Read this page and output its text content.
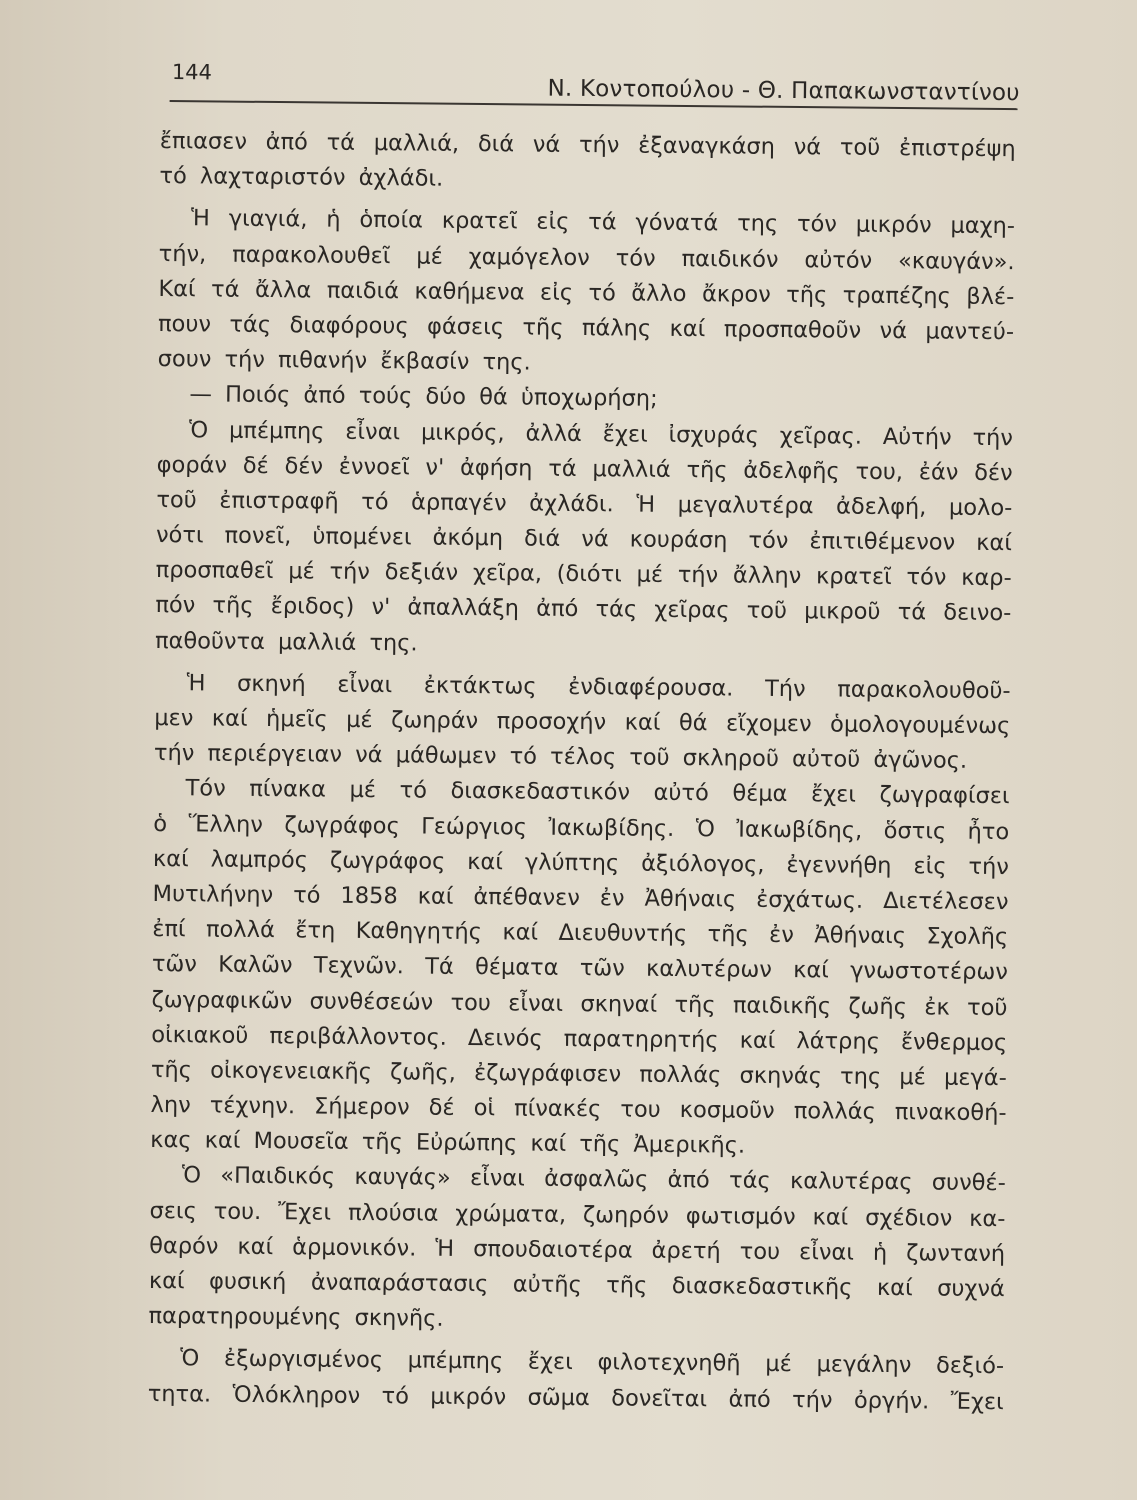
144
Ν. Κοντοπούλου - Θ. Παπακωνσταντίνου
ἔπιασεν ἀπό τά μαλλιά, διά νά τήν ἐξαναγκάση νά τοῦ ἐπιστρέψη
τό λαχταριστόν ἀχλάδι.
Ἡ γιαγιά, ἡ ὁποία κρατεῖ εἰς τά γόνατά της τόν μικρόν μαχη-
τήν, παρακολουθεῖ μέ χαμόγελον τόν παιδικόν αὐτόν «καυγάν».
Καί τά ἄλλα παιδιά καθήμενα εἰς τό ἄλλο ἄκρον τῆς τραπέζης βλέ-
πουν τάς διαφόρους φάσεις τῆς πάλης καί προσπαθοῦν νά μαντεύ-
σουν τήν πιθανήν ἔκβασίν της.
— Ποιός ἀπό τούς δύο θά ὑποχωρήση;
Ὁ μπέμπης εἶναι μικρός, ἀλλά ἔχει ἰσχυράς χεῖρας. Αὐτήν τήν
φοράν δέ δέν ἐννοεῖ ν' ἀφήση τά μαλλιά τῆς ἀδελφῆς του, ἐάν δέν
τοῦ ἐπιστραφῆ τό ἁρπαγέν ἀχλάδι. Ἡ μεγαλυτέρα ἀδελφή, μολο-
νότι πονεῖ, ὑπομένει ἀκόμη διά νά κουράση τόν ἐπιτιθέμενον καί
προσπαθεῖ μέ τήν δεξιάν χεῖρα, (διότι μέ τήν ἄλλην κρατεῖ τόν καρ-
πόν τῆς ἔριδος) ν' ἀπαλλάξη ἀπό τάς χεῖρας τοῦ μικροῦ τά δεινο-
παθοῦντα μαλλιά της.
Ἡ σκηνή εἶναι ἐκτάκτως ἐνδιαφέρουσα. Τήν παρακολουθοῦ-
μεν καί ἡμεῖς μέ ζωηράν προσοχήν καί θά εἴχομεν ὁμολογουμένως
τήν περιέργειαν νά μάθωμεν τό τέλος τοῦ σκληροῦ αὐτοῦ ἀγῶνος.
Τόν πίνακα μέ τό διασκεδαστικόν αὐτό θέμα ἔχει ζωγραφίσει
ὁ Ἕλλην ζωγράφος Γεώργιος Ἰακωβίδης. Ὁ Ἰακωβίδης, ὅστις ἦτο
καί λαμπρός ζωγράφος καί γλύπτης ἀξιόλογος, ἐγεννήθη εἰς τήν
Μυτιλήνην τό 1858 καί ἀπέθανεν ἐν Ἀθήναις ἐσχάτως. Διετέλεσεν
ἐπί πολλά ἔτη Καθηγητής καί Διευθυντής τῆς ἐν Ἀθήναις Σχολῆς
τῶν Καλῶν Τεχνῶν. Τά θέματα τῶν καλυτέρων καί γνωστοτέρων
ζωγραφικῶν συνθέσεών του εἶναι σκηναί τῆς παιδικῆς ζωῆς ἐκ τοῦ
οἰκιακοῦ περιβάλλοντος. Δεινός παρατηρητής καί λάτρης ἔνθερμος
τῆς οἰκογενειακῆς ζωῆς, ἐζωγράφισεν πολλάς σκηνάς της μέ μεγά-
λην τέχνην. Σήμερον δέ οἱ πίνακές του κοσμοῦν πολλάς πινακοθή-
κας καί Μουσεῖα τῆς Εὐρώπης καί τῆς Ἀμερικῆς.
Ὁ «Παιδικός καυγάς» εἶναι ἀσφαλῶς ἀπό τάς καλυτέρας συνθέ-
σεις του. Ἔχει πλούσια χρώματα, ζωηρόν φωτισμόν καί σχέδιον κα-
θαρόν καί ἁρμονικόν. Ἡ σπουδαιοτέρα ἀρετή του εἶναι ἡ ζωντανή
καί φυσική ἀναπαράστασις αὐτῆς τῆς διασκεδαστικῆς καί συχνά
παρατηρουμένης σκηνῆς.
Ὁ ἐξωργισμένος μπέμπης ἔχει φιλοτεχνηθῆ μέ μεγάλην δεξιό-
τητα. Ὁλόκληρον τό μικρόν σῶμα δονεῖται ἀπό τήν ὀργήν. Ἔχει
